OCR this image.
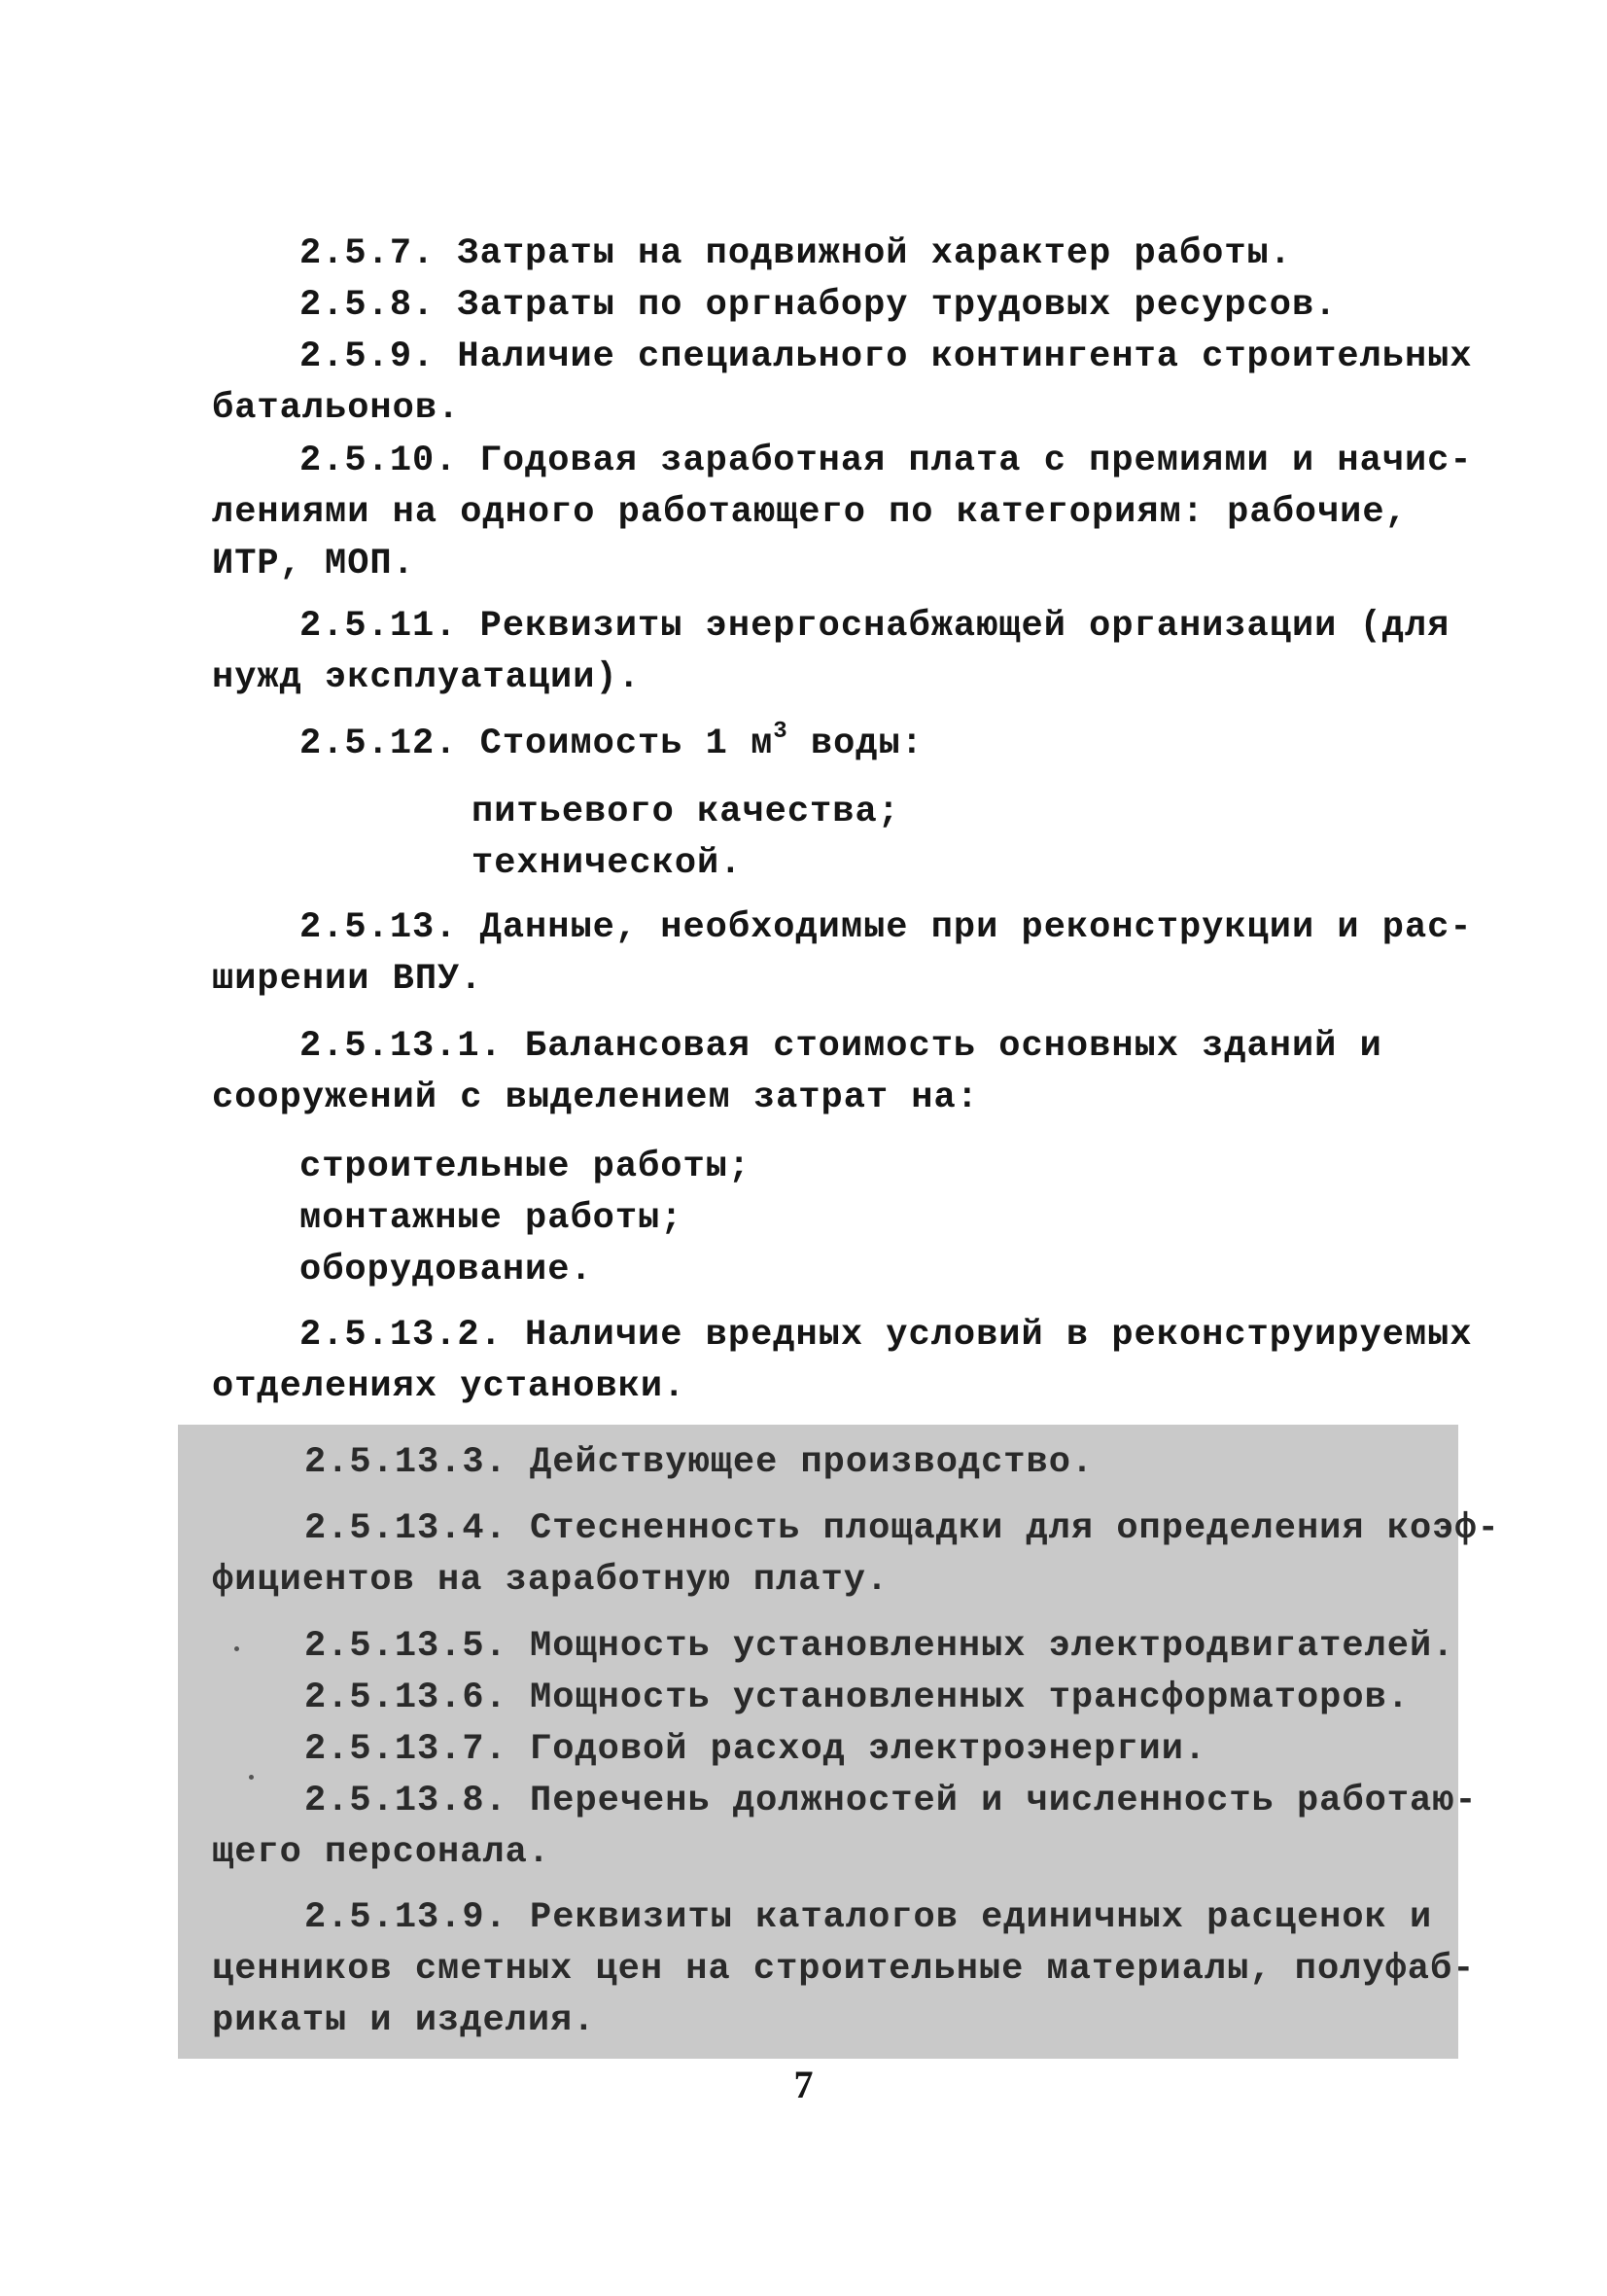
2.5.7. Затраты на подвижной характер работы.
2.5.8. Затраты по оргнабору трудовых ресурсов.
2.5.9. Наличие специального контингента строительных
батальонов.
2.5.10. Годовая заработная плата с премиями и начис-
лениями на одного работающего по категориям: рабочие,
ИТР, МОП.
2.5.11. Реквизиты энергоснабжающей организации (для
нужд эксплуатации).
2.5.12. Стоимость 1 $м^3$ воды:
питьевого качества;
технической.
2.5.13. Данные, необходимые при реконструкции и рас-
ширении ВПУ.
2.5.13.1. Балансовая стоимость основных зданий и
сооружений с выделением затрат на:
строительные работы;
монтажные работы;
оборудование.
2.5.13.2. Наличие вредных условий в реконструируемых
отделениях установки.
2.5.13.3. Действующее производство.
2.5.13.4. Стесненность площадки для определения коэф-
фициентов на заработную плату.
2.5.13.5. Мощность установленных электродвигателей.
2.5.13.6. Мощность установленных трансформаторов.
2.5.13.7. Годовой расход электроэнергии.
2.5.13.8. Перечень должностей и численность работаю-
щего персонала.
2.5.13.9. Реквизиты каталогов единичных расценок и
ценников сметных цен на строительные материалы, полуфаб-
рикаты и изделия.
7
